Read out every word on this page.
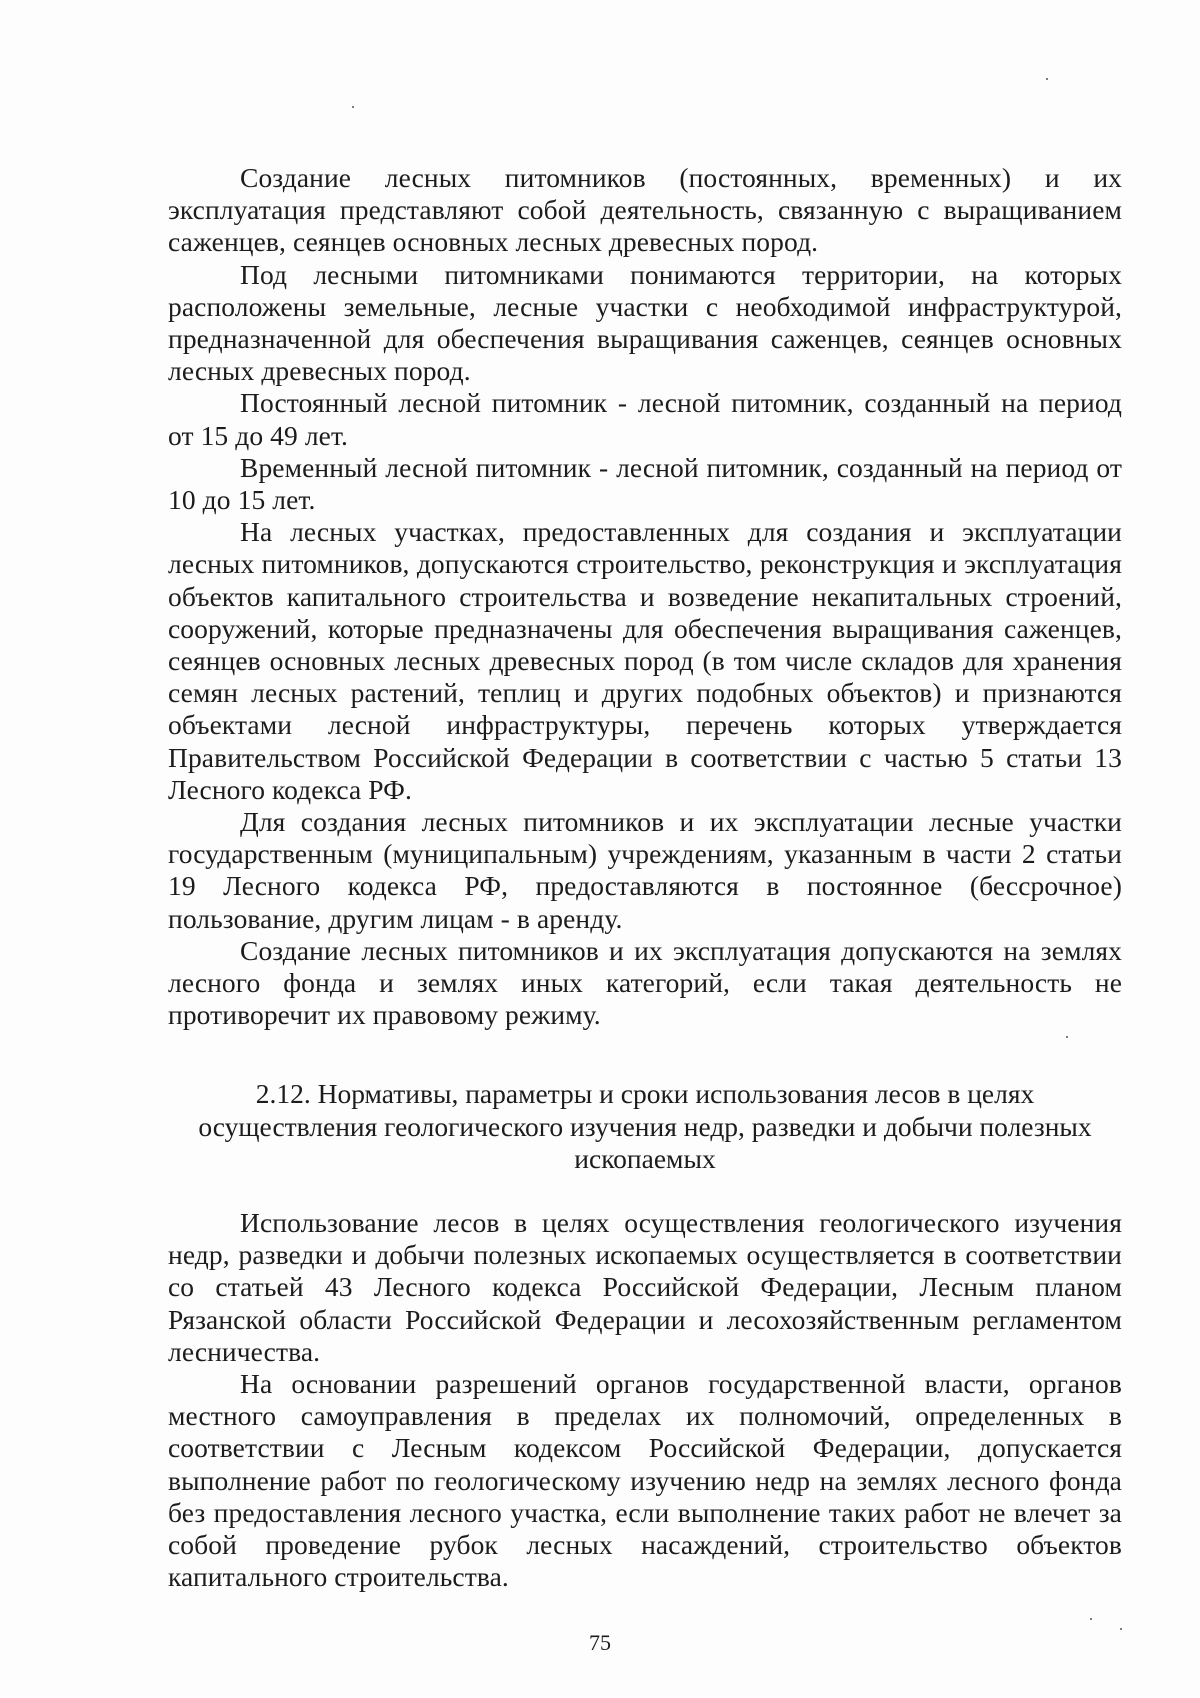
Создание лесных питомников (постоянных, временных) и их эксплуатация представляют собой деятельность, связанную с выращиванием саженцев, сеянцев основных лесных древесных пород.

Под лесными питомниками понимаются территории, на которых расположены земельные, лесные участки с необходимой инфраструктурой, предназначенной для обеспечения выращивания саженцев, сеянцев основных лесных древесных пород.

Постоянный лесной питомник - лесной питомник, созданный на период от 15 до 49 лет.

Временный лесной питомник - лесной питомник, созданный на период от 10 до 15 лет.

На лесных участках, предоставленных для создания и эксплуатации лесных питомников, допускаются строительство, реконструкция и эксплуатация объектов капитального строительства и возведение некапитальных строений, сооружений, которые предназначены для обеспечения выращивания саженцев, сеянцев основных лесных древесных пород (в том числе складов для хранения семян лесных растений, теплиц и других подобных объектов) и признаются объектами лесной инфраструктуры, перечень которых утверждается Правительством Российской Федерации в соответствии с частью 5 статьи 13 Лесного кодекса РФ.

Для создания лесных питомников и их эксплуатации лесные участки государственным (муниципальным) учреждениям, указанным в части 2 статьи 19 Лесного кодекса РФ, предоставляются в постоянное (бессрочное) пользование, другим лицам - в аренду.

Создание лесных питомников и их эксплуатация допускаются на землях лесного фонда и землях иных категорий, если такая деятельность не противоречит их правовому режиму.

2.12. Нормативы, параметры и сроки использования лесов в целях
осуществления геологического изучения недр, разведки и добычи полезных
ископаемых

Использование лесов в целях осуществления геологического изучения недр, разведки и добычи полезных ископаемых осуществляется в соответствии со статьей 43 Лесного кодекса Российской Федерации, Лесным планом Рязанской области Российской Федерации и лесохозяйственным регламентом лесничества.

На основании разрешений органов государственной власти, органов местного самоуправления в пределах их полномочий, определенных в соответствии с Лесным кодексом Российской Федерации, допускается выполнение работ по геологическому изучению недр на землях лесного фонда без предоставления лесного участка, если выполнение таких работ не влечет за собой проведение рубок лесных насаждений, строительство объектов капитального строительства.

75
